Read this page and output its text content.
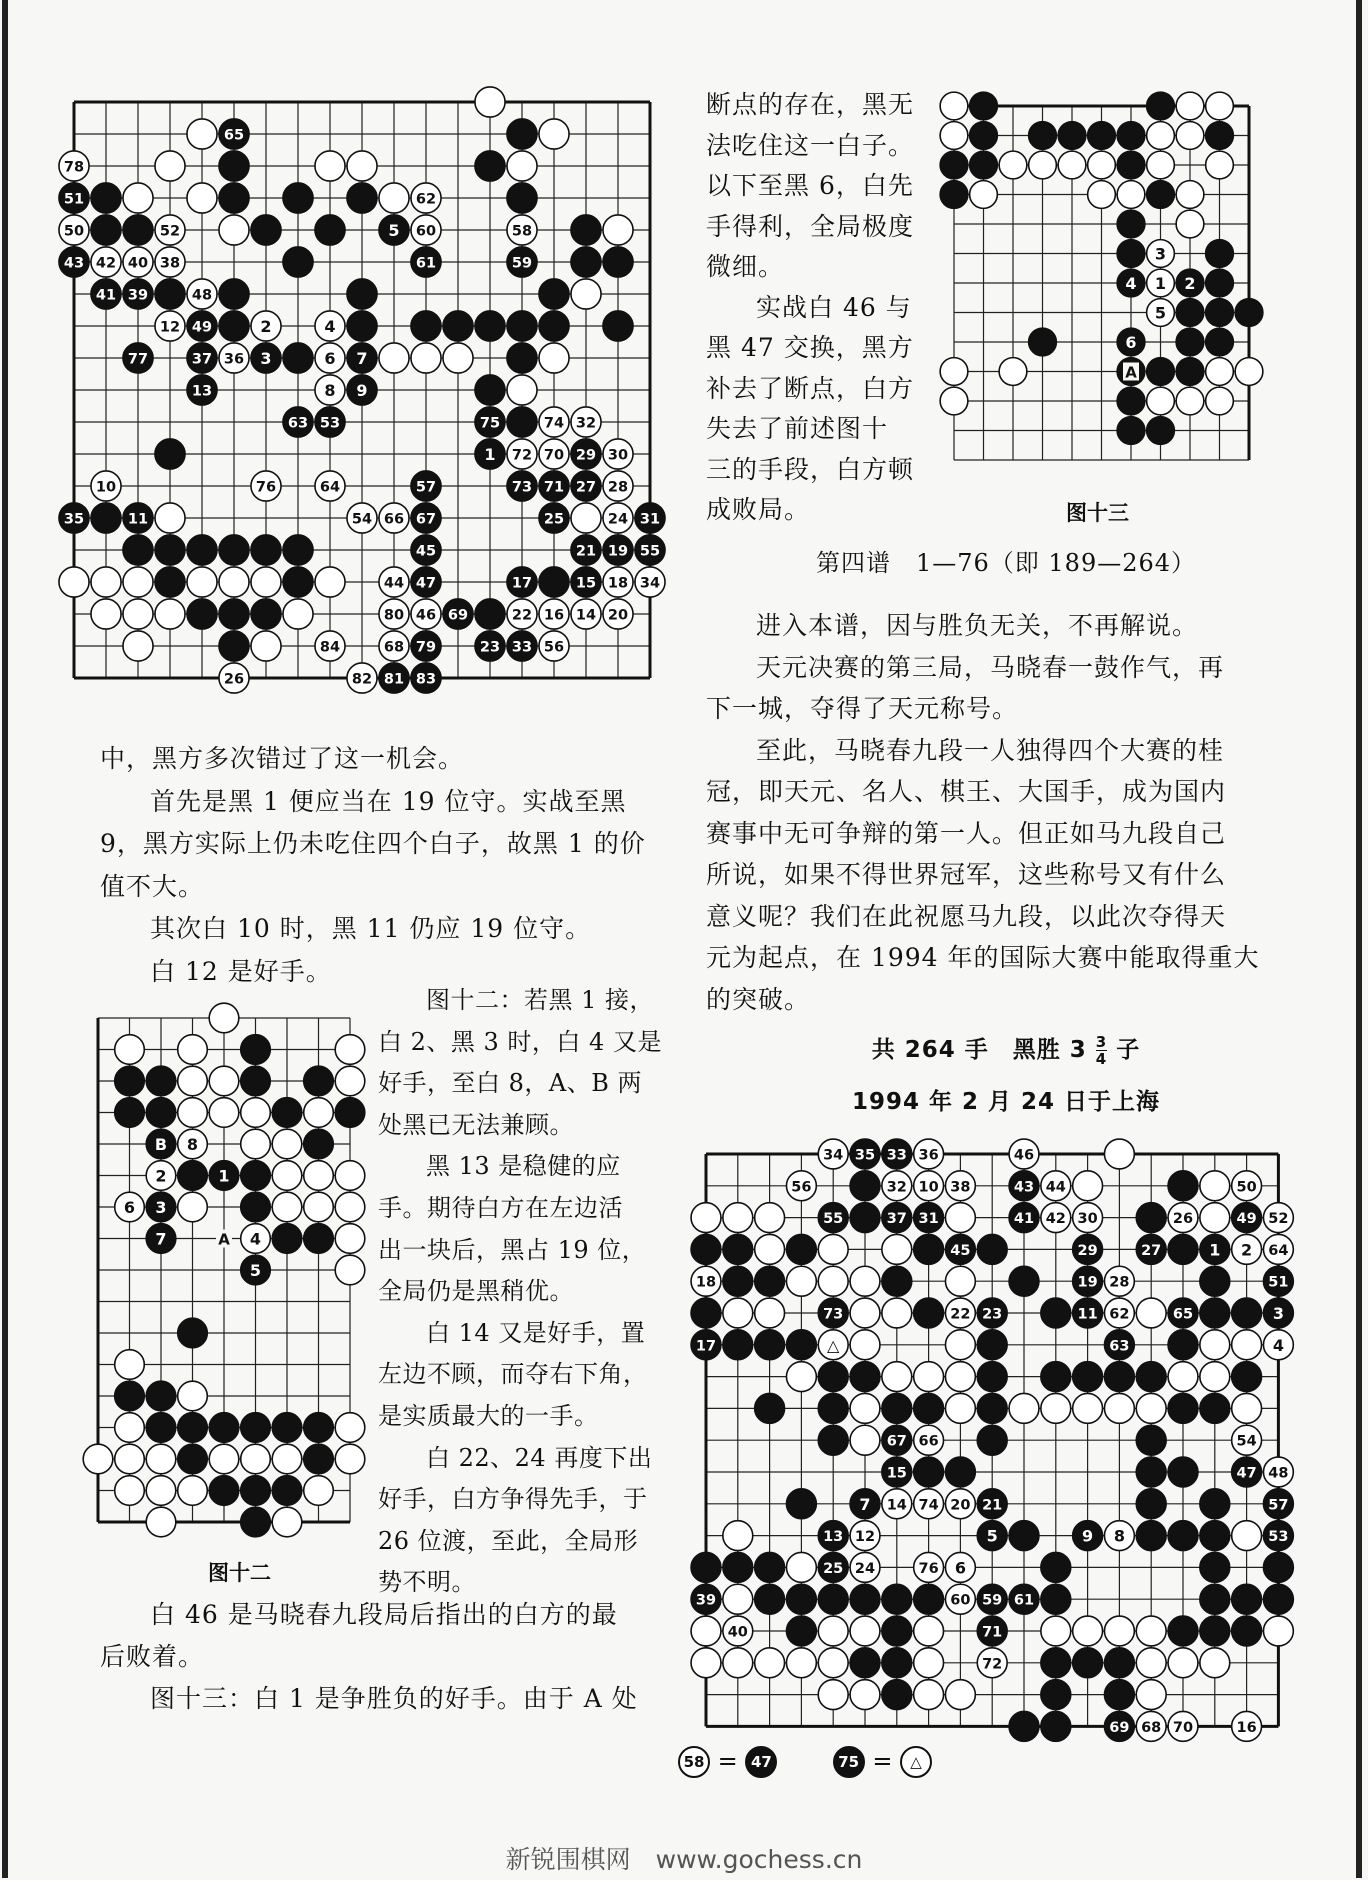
65
78
51	62
50	52	5 60	58
43 42 40 38	61	59
41 39	48
12 49	2	4
77	37 36 3	6 7
13	8 9
63 53	75	74 32
1 72 70 29 30
10	76	64	57	73 71 27 28
35	11	54 66 67	25	24 31
45	21 19 55
44 47	17	15 18 34
80 46 69	22 16 14 20
84	68 79	23 33 56
26	82 81 83
3
4 1 2
5
6
A
B 8
2	1
6 3
7	4
5
A
34 35 33 36	46
56	32 10 38	43 44	50
55	37 31	41 42 30	26	49 52
45	29	27	1 2 64
18	19 28	51
73	22 23	11 62	65	3
17	△	63	4
67 66	54
15	47 48
7 14 74 20 21	57
13 12	5	9 8	53
25 24	76 6
39	60 59 61
40	71
72
69 68 70	16

断点的存在，黑无

法吃住这一白子。

以下至黑 6，白先

手得利，全局极度

微细。

实战白 46 与

黑 47 交换，黑方

补去了断点，白方

失去了前述图十

三的手段，白方顿

成败局。	图十三
第四谱　1—76（即 189—264）

进入本谱，因与胜负无关，不再解说。

天元决赛的第三局，马晓春一鼓作气，再

下一城，夺得了天元称号。

至此，马晓春九段一人独得四个大赛的桂

冠，即天元、名人、棋王、大国手，成为国内

赛事中无可争辩的第一人。但正如马九段自己

所说，如果不得世界冠军，这些称号又有什么

意义呢？我们在此祝愿马九段，以此次夺得天

元为起点，在 1994 年的国际大赛中能取得重大

的突破。

共 264 手　黑胜 $3 \frac{3}{4}$ 子
1994 年 2 月 24 日于上海

中，黑方多次错过了这一机会。

首先是黑 1 便应当在 19 位守。实战至黑

9，黑方实际上仍未吃住四个白子，故黑 1 的价

值不大。

其次白 10 时，黑 11 仍应 19 位守。

白 12 是好手。

图十二：若黑 1 接，

白 2、黑 3 时，白 4 又是

好手，至白 8，A、B 两

处黑已无法兼顾。

黑 13 是稳健的应

手。期待白方在左边活

出一块后，黑占 19 位，

全局仍是黑稍优。

白 14 又是好手，置

左边不顾，而夺右下角，

是实质最大的一手。

白 22、24 再度下出

好手，白方争得先手，于

26 位渡，至此，全局形

势不明。

图十二

白 46 是马晓春九段局后指出的白方的最

后败着。

图十三：白 1 是争胜负的好手。由于 A 处

58 = 47	75 = △
新锐围棋网　www.gochess.cn
